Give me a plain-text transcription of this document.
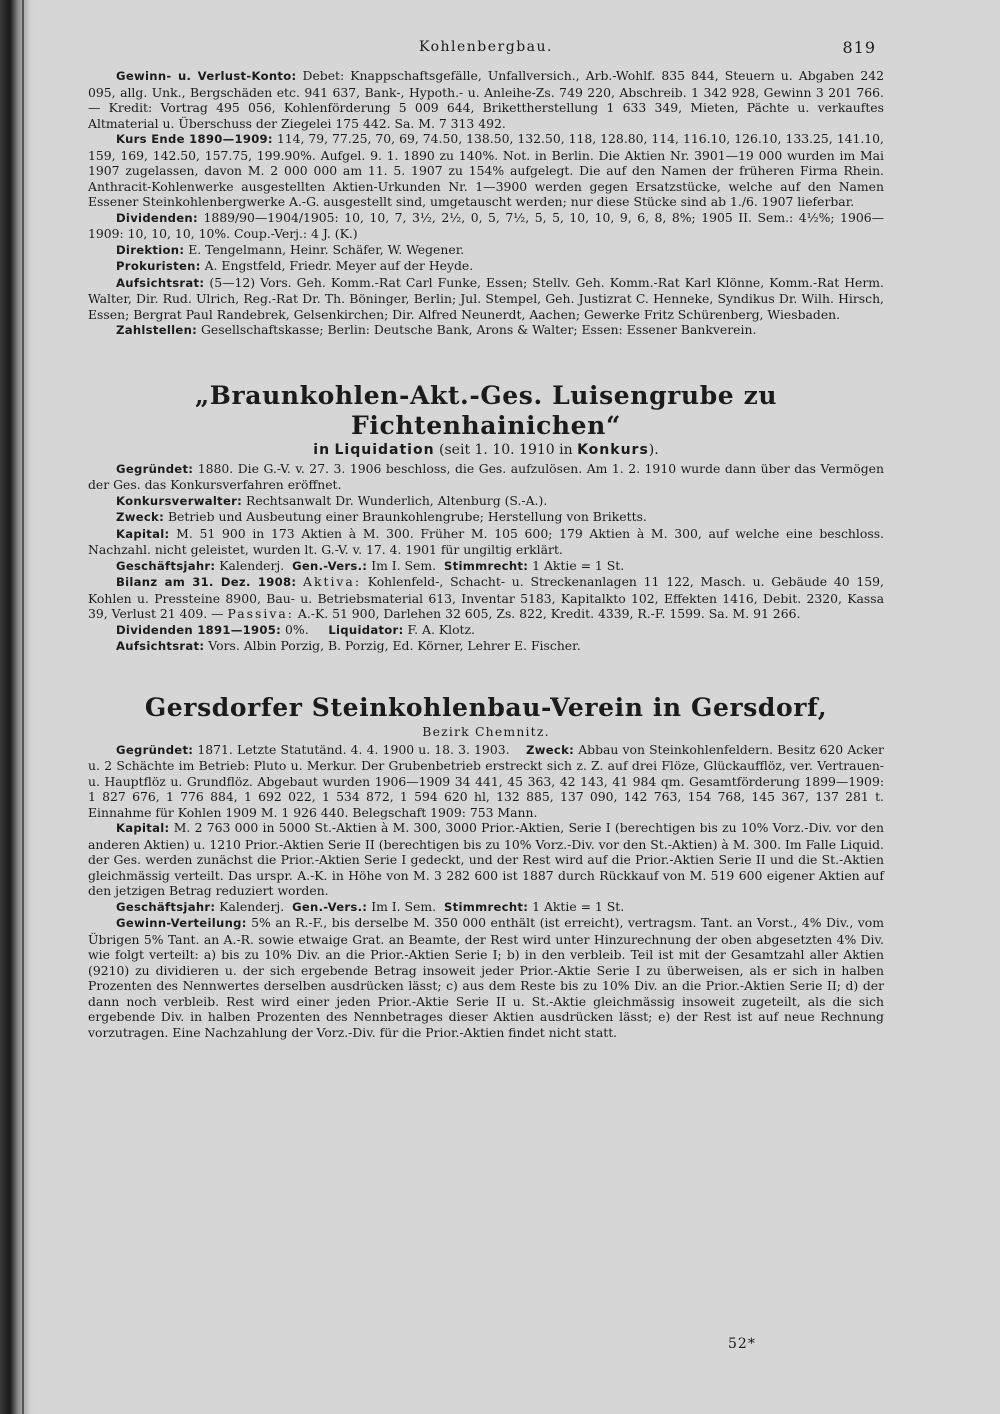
Kohlenbergbau.	819

Gewinn- u. Verlust-Konto: Debet: Knappschaftsgefälle, Unfallversich., Arb.-Wohlf. 835 844, Steuern u. Abgaben 242 095, allg. Unk., Bergschäden etc. 941 637, Bank-, Hypoth.- u. Anleihe-Zs. 749 220, Abschreib. 1 342 928, Gewinn 3 201 766. — Kredit: Vortrag 495 056, Kohlenförderung 5 009 644, Brikettherstellung 1 633 349, Mieten, Pächte u. verkauftes Altmaterial u. Überschuss der Ziegelei 175 442. Sa. M. 7 313 492.

Kurs Ende 1890—1909: 114, 79, 77.25, 70, 69, 74.50, 138.50, 132.50, 118, 128.80, 114, 116.10, 126.10, 133.25, 141.10, 159, 169, 142.50, 157.75, 199.90%. Aufgel. 9. 1. 1890 zu 140%. Not. in Berlin. Die Aktien Nr. 3901—19 000 wurden im Mai 1907 zugelassen, davon M. 2 000 000 am 11. 5. 1907 zu 154% aufgelegt. Die auf den Namen der früheren Firma Rhein. Anthracit-Kohlenwerke ausgestellten Aktien-Urkunden Nr. 1—3900 werden gegen Ersatzstücke, welche auf den Namen Essener Steinkohlenbergwerke A.-G. ausgestellt sind, umgetauscht werden; nur diese Stücke sind ab 1./6. 1907 lieferbar.

Dividenden: 1889/90—1904/1905: 10, 10, 7, 3½, 2½, 0, 5, 7½, 5, 5, 10, 10, 9, 6, 8, 8%; 1905 II. Sem.: 4½%; 1906—1909: 10, 10, 10, 10%. Coup.-Verj.: 4 J. (K.)

Direktion: E. Tengelmann, Heinr. Schäfer, W. Wegener.

Prokuristen: A. Engstfeld, Friedr. Meyer auf der Heyde.

Aufsichtsrat: (5—12) Vors. Geh. Komm.-Rat Carl Funke, Essen; Stellv. Geh. Komm.-Rat Karl Klönne, Komm.-Rat Herm. Walter, Dir. Rud. Ulrich, Reg.-Rat Dr. Th. Böninger, Berlin; Jul. Stempel, Geh. Justizrat C. Henneke, Syndikus Dr. Wilh. Hirsch, Essen; Bergrat Paul Randebrek, Gelsenkirchen; Dir. Alfred Neunerdt, Aachen; Gewerke Fritz Schürenberg, Wiesbaden.

Zahlstellen: Gesellschaftskasse; Berlin: Deutsche Bank, Arons & Walter; Essen: Essener Bankverein.

„Braunkohlen-Akt.-Ges. Luisengrube zu Fichtenhainichen“
in Liquidation (seit 1. 10. 1910 in Konkurs).

Gegründet: 1880. Die G.-V. v. 27. 3. 1906 beschloss, die Ges. aufzulösen. Am 1. 2. 1910 wurde dann über das Vermögen der Ges. das Konkursverfahren eröffnet.

Konkursverwalter: Rechtsanwalt Dr. Wunderlich, Altenburg (S.-A.).

Zweck: Betrieb und Ausbeutung einer Braunkohlengrube; Herstellung von Briketts.

Kapital: M. 51 900 in 173 Aktien à M. 300. Früher M. 105 600; 179 Aktien à M. 300, auf welche eine beschloss. Nachzahl. nicht geleistet, wurden lt. G.-V. v. 17. 4. 1901 für ungiltig erklärt.

Geschäftsjahr: Kalenderj. Gen.-Vers.: Im I. Sem. Stimmrecht: 1 Aktie = 1 St.

Bilanz am 31. Dez. 1908: Aktiva: Kohlenfeld-, Schacht- u. Streckenanlagen 11 122, Masch. u. Gebäude 40 159, Kohlen u. Pressteine 8900, Bau- u. Betriebsmaterial 613, Inventar 5183, Kapitalkto 102, Effekten 1416, Debit. 2320, Kassa 39, Verlust 21 409. — Passiva: A.-K. 51 900, Darlehen 32 605, Zs. 822, Kredit. 4339, R.-F. 1599. Sa. M. 91 266.

Dividenden 1891—1905: 0%. Liquidator: F. A. Klotz.

Aufsichtsrat: Vors. Albin Porzig, B. Porzig, Ed. Körner, Lehrer E. Fischer.

Gersdorfer Steinkohlenbau-Verein in Gersdorf,
Bezirk Chemnitz.

Gegründet: 1871. Letzte Statutänd. 4. 4. 1900 u. 18. 3. 1903. Zweck: Abbau von Steinkohlenfeldern. Besitz 620 Acker u. 2 Schächte im Betrieb: Pluto u. Merkur. Der Grubenbetrieb erstreckt sich z. Z. auf drei Flöze, Glückaufflöz, ver. Vertrauen- u. Hauptflöz u. Grundflöz. Abgebaut wurden 1906—1909 34 441, 45 363, 42 143, 41 984 qm. Gesamtförderung 1899—1909: 1 827 676, 1 776 884, 1 692 022, 1 534 872, 1 594 620 hl, 132 885, 137 090, 142 763, 154 768, 145 367, 137 281 t. Einnahme für Kohlen 1909 M. 1 926 440. Belegschaft 1909: 753 Mann.

Kapital: M. 2 763 000 in 5000 St.-Aktien à M. 300, 3000 Prior.-Aktien, Serie I (berechtigen bis zu 10% Vorz.-Div. vor den anderen Aktien) u. 1210 Prior.-Aktien Serie II (berechtigen bis zu 10% Vorz.-Div. vor den St.-Aktien) à M. 300. Im Falle Liquid. der Ges. werden zunächst die Prior.-Aktien Serie I gedeckt, und der Rest wird auf die Prior.-Aktien Serie II und die St.-Aktien gleichmässig verteilt. Das urspr. A.-K. in Höhe von M. 3 282 600 ist 1887 durch Rückkauf von M. 519 600 eigener Aktien auf den jetzigen Betrag reduziert worden.

Geschäftsjahr: Kalenderj. Gen.-Vers.: Im I. Sem. Stimmrecht: 1 Aktie = 1 St.

Gewinn-Verteilung: 5% an R.-F., bis derselbe M. 350 000 enthält (ist erreicht), vertragsm. Tant. an Vorst., 4% Div., vom Übrigen 5% Tant. an A.-R. sowie etwaige Grat. an Beamte, der Rest wird unter Hinzurechnung der oben abgesetzten 4% Div. wie folgt verteilt: a) bis zu 10% Div. an die Prior.-Aktien Serie I; b) in den verbleib. Teil ist mit der Gesamtzahl aller Aktien (9210) zu dividieren u. der sich ergebende Betrag insoweit jeder Prior.-Aktie Serie I zu überweisen, als er sich in halben Prozenten des Nennwertes derselben ausdrücken lässt; c) aus dem Reste bis zu 10% Div. an die Prior.-Aktien Serie II; d) der dann noch verbleib. Rest wird einer jeden Prior.-Aktie Serie II u. St.-Aktie gleichmässig insoweit zugeteilt, als die sich ergebende Div. in halben Prozenten des Nennbetrages dieser Aktien ausdrücken lässt; e) der Rest ist auf neue Rechnung vorzutragen. Eine Nachzahlung der Vorz.-Div. für die Prior.-Aktien findet nicht statt.

52*
